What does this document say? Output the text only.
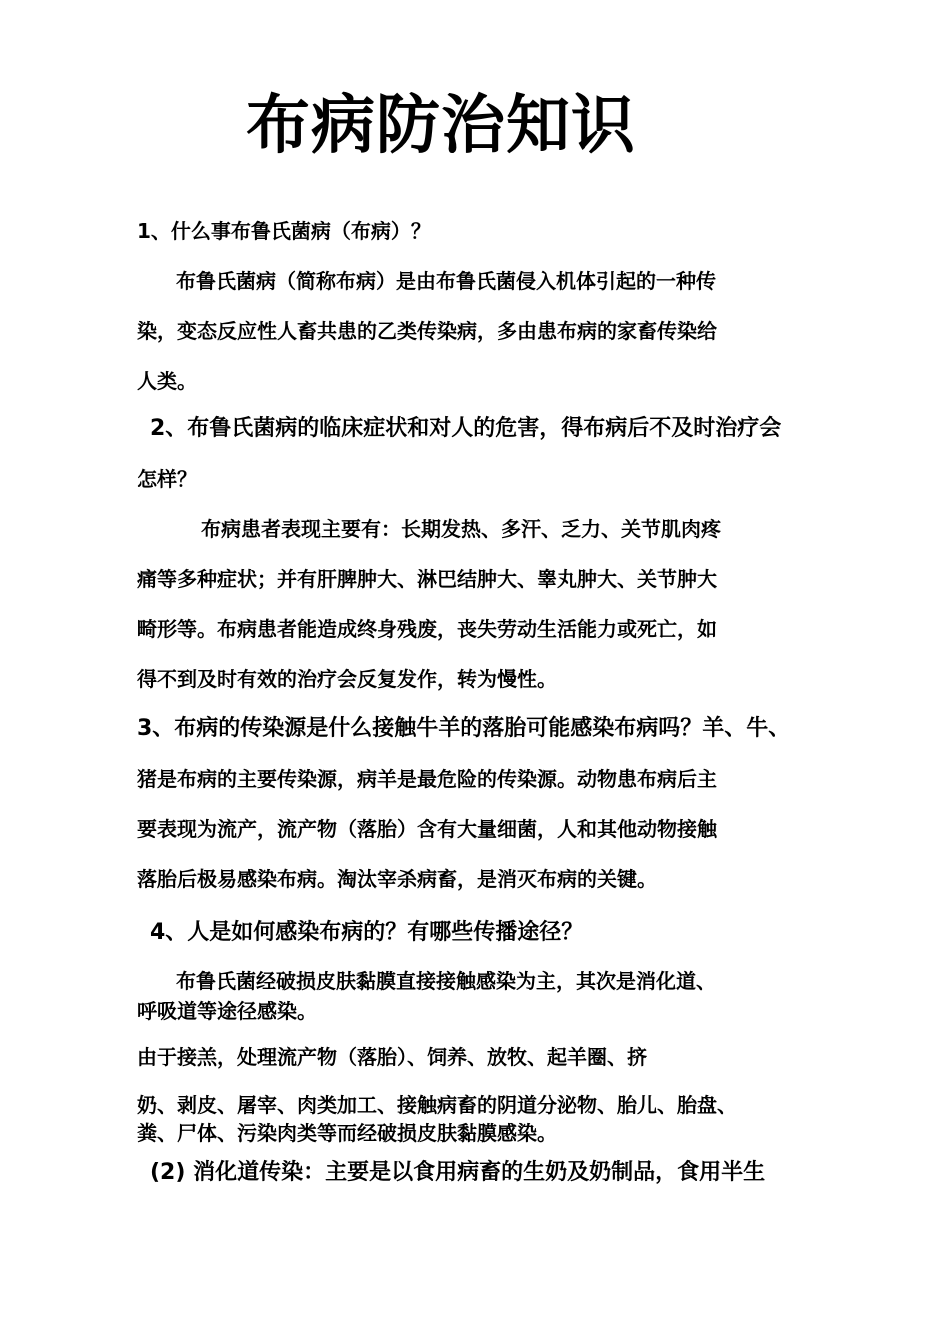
布病防治知识
1、什么事布鲁氏菌病（布病）？
布鲁氏菌病（简称布病）是由布鲁氏菌侵入机体引起的一种传
染，变态反应性人畜共患的乙类传染病，多由患布病的家畜传染给
人类。
2、布鲁氏菌病的临床症状和对人的危害，得布病后不及时治疗会
怎样？
布病患者表现主要有：长期发热、多汗、乏力、关节肌肉疼
痛等多种症状；并有肝脾肿大、淋巴结肿大、睾丸肿大、关节肿大
畸形等。布病患者能造成终身残废，丧失劳动生活能力或死亡，如
得不到及时有效的治疗会反复发作，转为慢性。
3、布病的传染源是什么接触牛羊的落胎可能感染布病吗？羊、牛、
猪是布病的主要传染源，病羊是最危险的传染源。动物患布病后主
要表现为流产，流产物（落胎）含有大量细菌，人和其他动物接触
落胎后极易感染布病。淘汰宰杀病畜，是消灭布病的关键。
4、人是如何感染布病的？有哪些传播途径？
布鲁氏菌经破损皮肤黏膜直接接触感染为主，其次是消化道、
呼吸道等途径感染。
由于接羔，处理流产物（落胎）、饲养、放牧、起羊圈、挤
奶、剥皮、屠宰、肉类加工、接触病畜的阴道分泌物、胎儿、胎盘、
粪、尸体、污染肉类等而经破损皮肤黏膜感染。
(2) 消化道传染：主要是以食用病畜的生奶及奶制品，食用半生
